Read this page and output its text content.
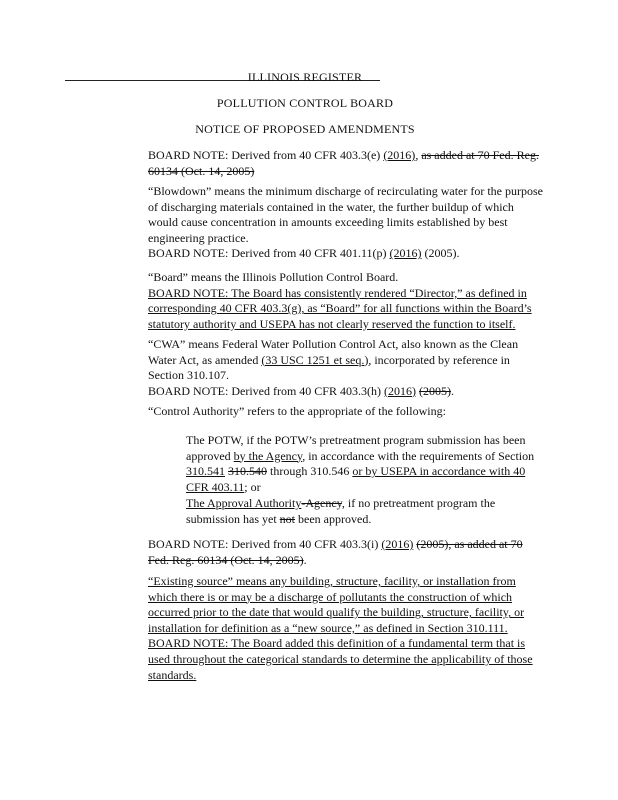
ILLINOIS REGISTER
POLLUTION CONTROL BOARD
NOTICE OF PROPOSED AMENDMENTS
BOARD NOTE: Derived from 40 CFR 403.3(e) (2016), as added at 70 Fed. Reg.
60134 (Oct. 14, 2005)
“Blowdown” means the minimum discharge of recirculating water for the purpose
of discharging materials contained in the water, the further buildup of which
would cause concentration in amounts exceeding limits established by best
engineering practice.
BOARD NOTE: Derived from 40 CFR 401.11(p) (2016) (2005).
“Board” means the Illinois Pollution Control Board.
BOARD NOTE: The Board has consistently rendered “Director,” as defined in
corresponding 40 CFR 403.3(g), as “Board” for all functions within the Board’s
statutory authority and USEPA has not clearly reserved the function to itself.
“CWA” means Federal Water Pollution Control Act, also known as the Clean
Water Act, as amended (33 USC 1251 et seq.), incorporated by reference in
Section 310.107.
BOARD NOTE: Derived from 40 CFR 403.3(h) (2016) (2005).
“Control Authority” refers to the appropriate of the following:
The POTW, if the POTW’s pretreatment program submission has been
approved by the Agency, in accordance with the requirements of Section
310.541 310.540 through 310.546 or by USEPA in accordance with 40
CFR 403.11; or
The Approval Authority-Agency, if no pretreatment program the
submission has yet not been approved.
BOARD NOTE: Derived from 40 CFR 403.3(i) (2016) (2005), as added at 70
Fed. Reg. 60134 (Oct. 14, 2005).
“Existing source” means any building, structure, facility, or installation from
which there is or may be a discharge of pollutants the construction of which
occurred prior to the date that would qualify the building, structure, facility, or
installation for definition as a “new source,” as defined in Section 310.111.
BOARD NOTE: The Board added this definition of a fundamental term that is
used throughout the categorical standards to determine the applicability of those
standards.
